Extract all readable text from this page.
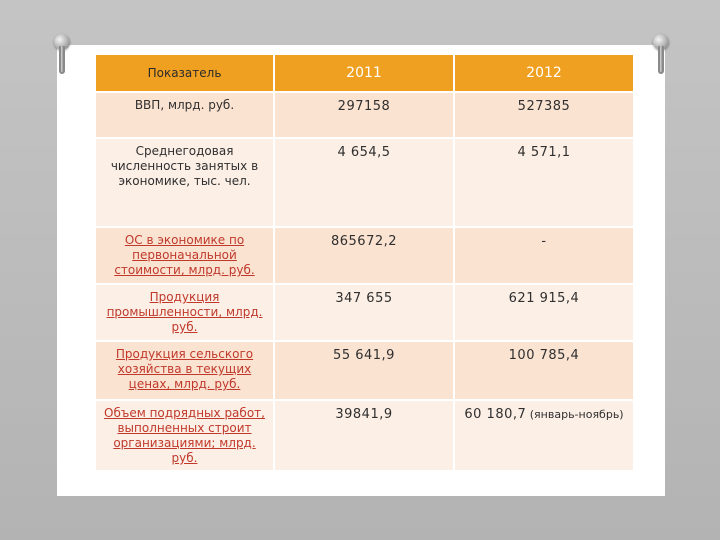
Показатель	2011	2012
ВВП, млрд. руб.	297158	527385
Среднегодовая численность занятых в экономике, тыс. чел.	4 654,5	4 571,1
ОС в экономике по первоначальной стоимости, млрд. руб.	865672,2	-
Продукция промышленности, млрд. руб.	347 655	621 915,4
Продукция сельского хозяйства в текущих ценах, млрд. руб.	55 641,9	100 785,4
Объем подрядных работ, выполненных строит организациями; млрд. руб.	39841,9	60 180,7 (январь-ноябрь)
